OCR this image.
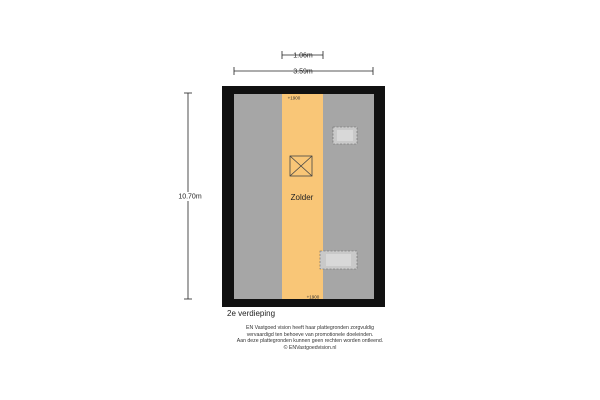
1.06m
3.59m
10.70m
+1900
+1900
Zolder
2e verdieping
EN Vastgoed vision heeft haar plattegronden zorgvuldig
vervaardigd ten behoeve van promotionele doeleinden.
Aan deze plattegronden kunnen geen rechten worden ontleend.
© ENVastgoedvision.nl
